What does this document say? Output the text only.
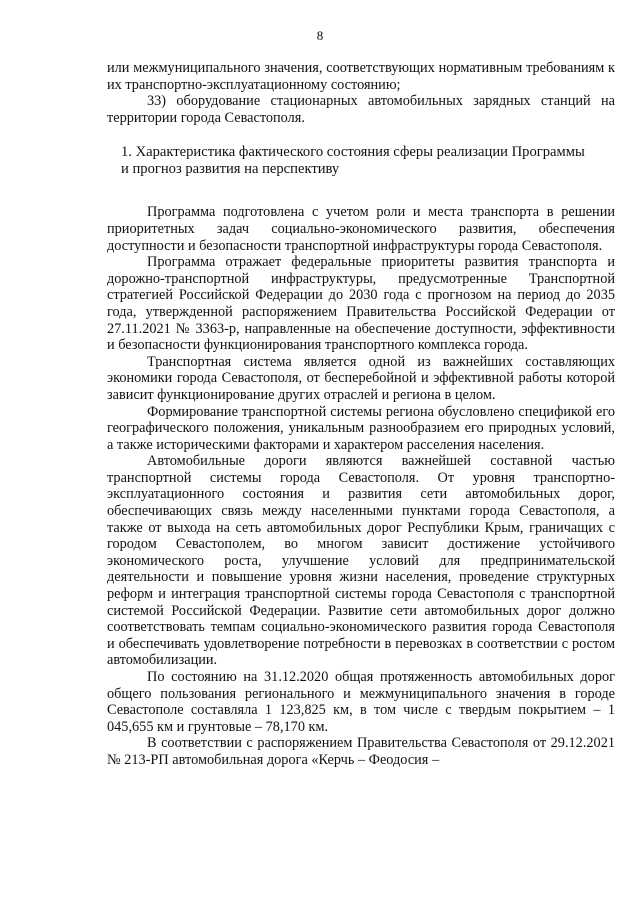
8

или межмуниципального значения, соответствующих нормативным требованиям к их транспортно-эксплуатационному состоянию;

33) оборудование стационарных автомобильных зарядных станций на территории города Севастополя.

1. Характеристика фактического состояния сферы реализации Программы

и прогноз развития на перспективу

Программа подготовлена с учетом роли и места транспорта в решении приоритетных задач социально-экономического развития, обеспечения доступности и безопасности транспортной инфраструктуры города Севастополя.

Программа отражает федеральные приоритеты развития транспорта и дорожно-транспортной инфраструктуры, предусмотренные Транспортной стратегией Российской Федерации до 2030 года с прогнозом на период до 2035 года, утвержденной распоряжением Правительства Российской Федерации от 27.11.2021 № 3363-р, направленные на обеспечение доступности, эффективности и безопасности функционирования транспортного комплекса города.

Транспортная система является одной из важнейших составляющих экономики города Севастополя, от бесперебойной и эффективной работы которой зависит функционирование других отраслей и региона в целом.

Формирование транспортной системы региона обусловлено спецификой его географического положения, уникальным разнообразием его природных условий, а также историческими факторами и характером расселения населения.

Автомобильные дороги являются важнейшей составной частью транспортной системы города Севастополя. От уровня транспортно-эксплуатационного состояния и развития сети автомобильных дорог, обеспечивающих связь между населенными пунктами города Севастополя, а также от выхода на сеть автомобильных дорог Республики Крым, граничащих с городом Севастополем, во многом зависит достижение устойчивого экономического роста, улучшение условий для предпринимательской деятельности и повышение уровня жизни населения, проведение структурных реформ и интеграция транспортной системы города Севастополя с транспортной системой Российской Федерации. Развитие сети автомобильных дорог должно соответствовать темпам социально-экономического развития города Севастополя и обеспечивать удовлетворение потребности в перевозках в соответствии с ростом автомобилизации.

По состоянию на 31.12.2020 общая протяженность автомобильных дорог общего пользования регионального и межмуниципального значения в городе Севастополе составляла 1 123,825 км, в том числе с твердым покрытием – 1 045,655 км и грунтовые – 78,170 км.

В соответствии с распоряжением Правительства Севастополя от 29.12.2021 № 213-РП автомобильная дорога «Керчь – Феодосия –
